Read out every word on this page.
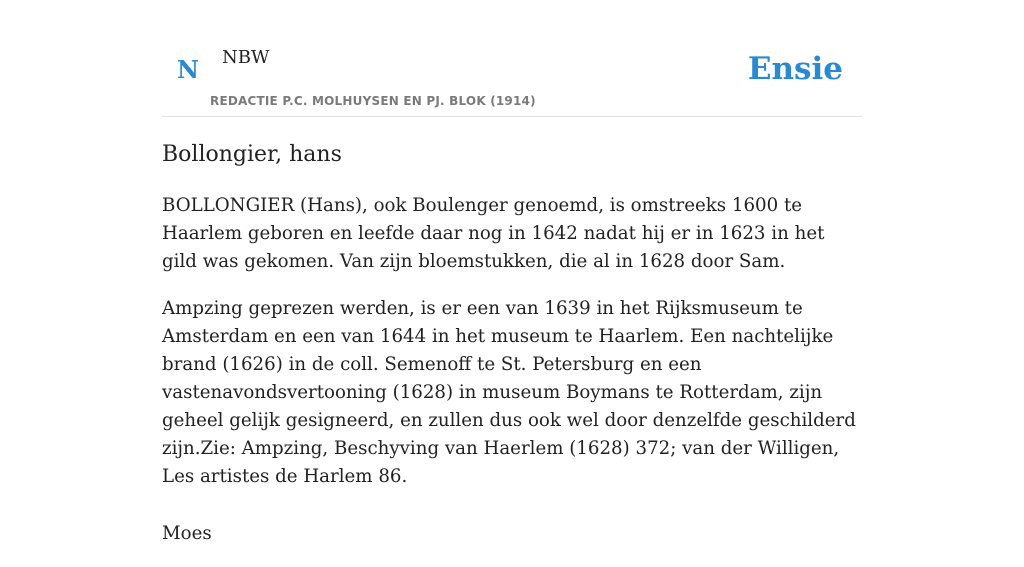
N NBW
REDACTIE P.C. MOLHUYSEN EN PJ. BLOK (1914)
Ensie
Bollongier, hans

BOLLONGIER (Hans), ook Boulenger genoemd, is omstreeks 1600 te Haarlem geboren en leefde daar nog in 1642 nadat hij er in 1623 in het gild was gekomen. Van zijn bloemstukken, die al in 1628 door Sam.

Ampzing geprezen werden, is er een van 1639 in het Rijksmuseum te Amsterdam en een van 1644 in het museum te Haarlem. Een nachtelijke brand (1626) in de coll. Semenoff te St. Petersburg en een vastenavondsvertooning (1628) in museum Boymans te Rotterdam, zijn geheel gelijk gesigneerd, en zullen dus ook wel door denzelfde geschilderd zijn.Zie: Ampzing, Beschyving van Haerlem (1628) 372; van der Willigen, Les artistes de Harlem 86.

Moes
